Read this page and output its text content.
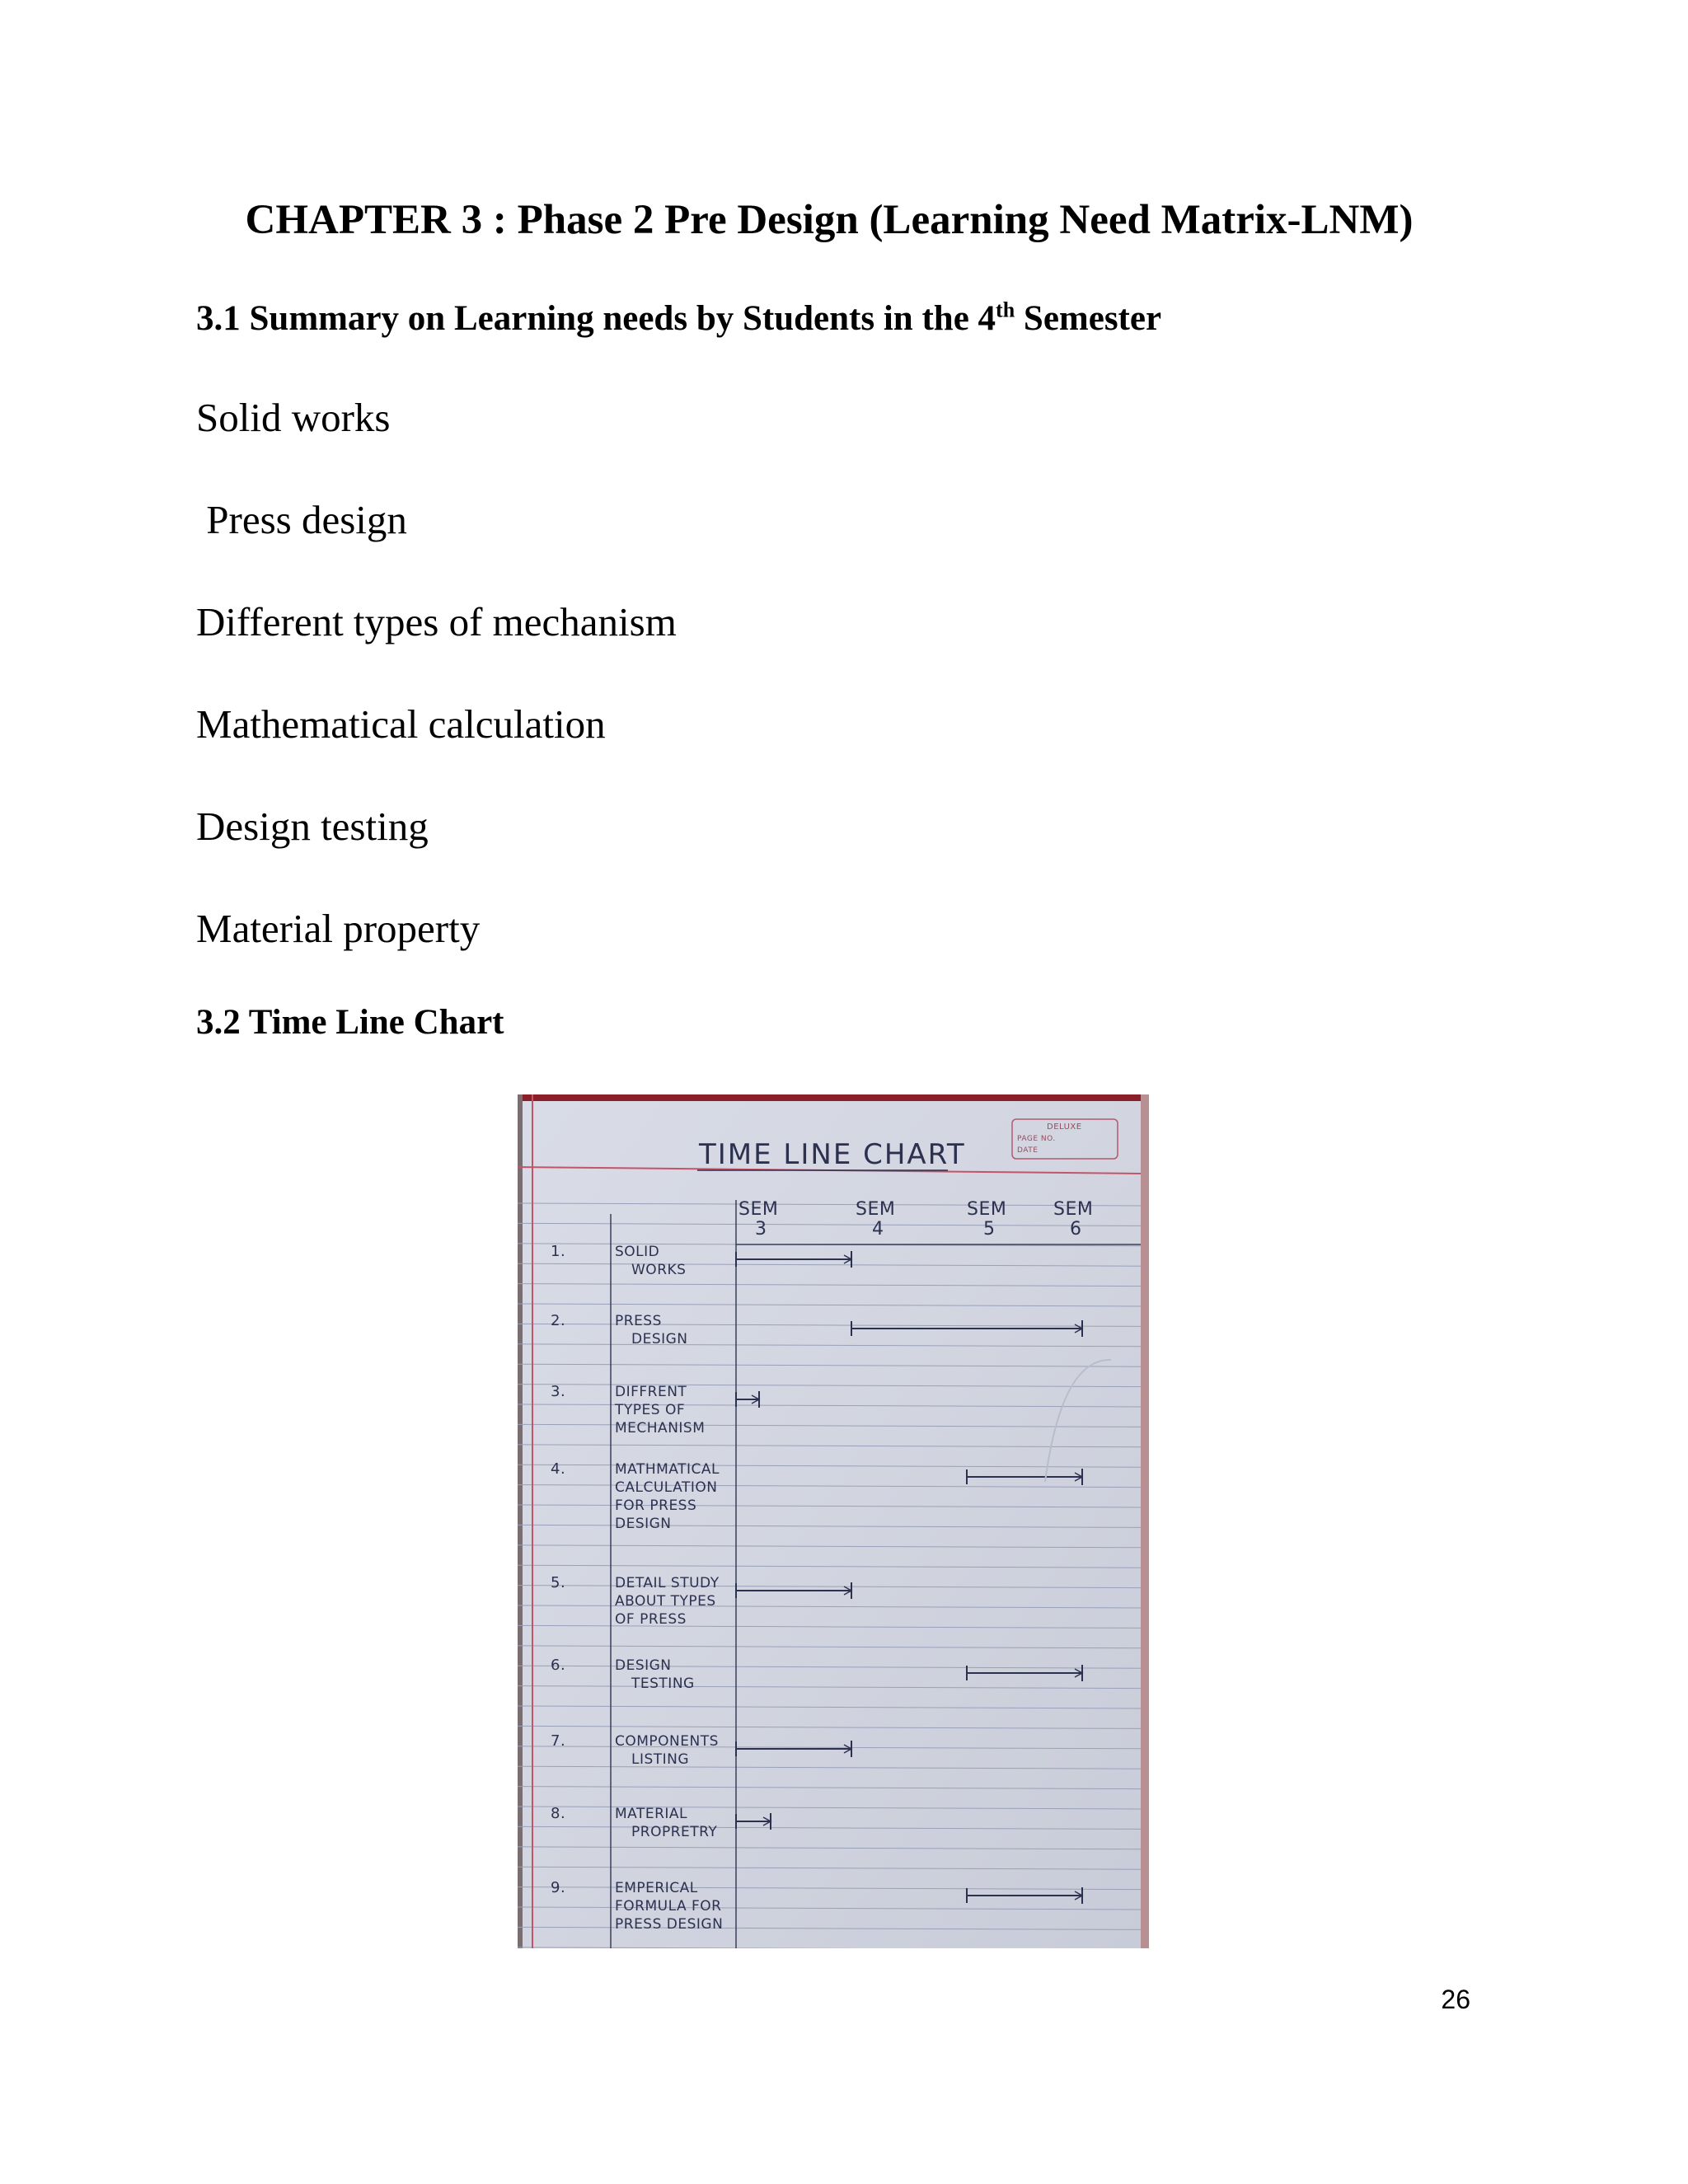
CHAPTER 3 : Phase 2 Pre Design (Learning Need Matrix-LNM)
3.1 Summary on Learning needs by Students in the 4th Semester
Solid works
Press design
Different types of mechanism
Mathematical calculation
Design testing
Material property
3.2 Time Line Chart
TIME LINE CHART
DELUXE
PAGE NO.
DATE
SEM
3
SEM
4
SEM
5
SEM
6
1.	SOLID
WORKS
2.	PRESS
DESIGN
3.	DIFFRENT
TYPES OF
MECHANISM
4.	MATHMATICAL
CALCULATION
FOR PRESS
DESIGN
5.	DETAIL STUDY
ABOUT TYPES
OF PRESS
6.	DESIGN
TESTING
7.	COMPONENTS
LISTING
8.	MATERIAL
PROPRETRY
9.	EMPERICAL
FORMULA FOR
PRESS DESIGN
26
